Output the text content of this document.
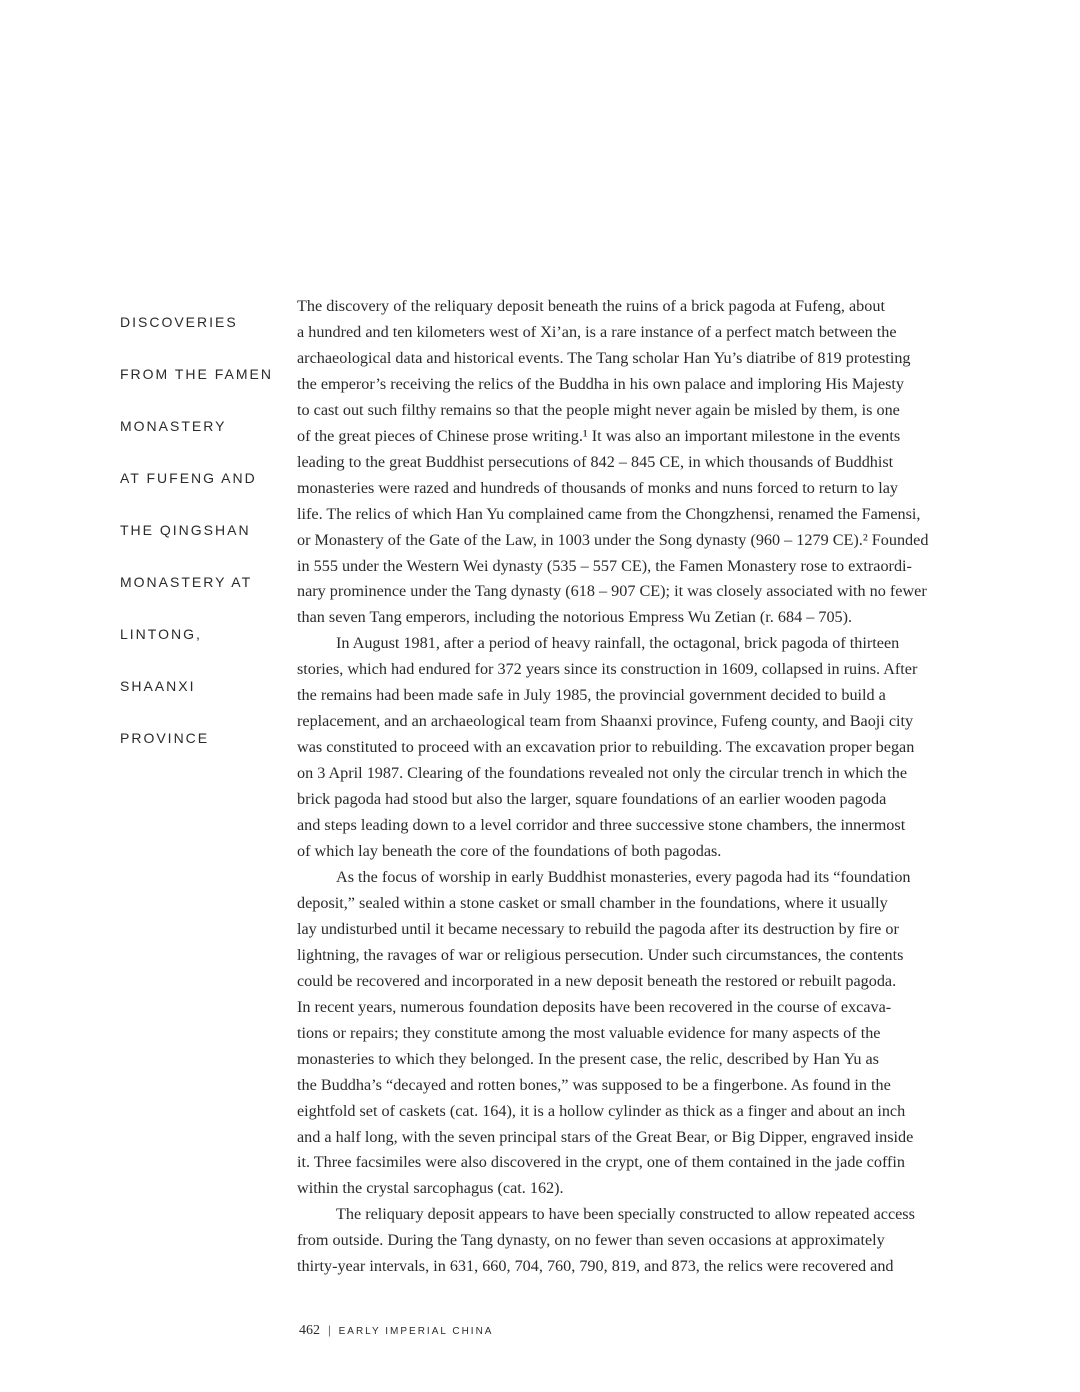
DISCOVERIES
FROM THE FAMEN
MONASTERY
AT FUFENG AND
THE QINGSHAN
MONASTERY AT
LINTONG,
SHAANXI
PROVINCE
The discovery of the reliquary deposit beneath the ruins of a brick pagoda at Fufeng, about
a hundred and ten kilometers west of Xi’an, is a rare instance of a perfect match between the
archaeological data and historical events. The Tang scholar Han Yu’s diatribe of 819 protesting
the emperor’s receiving the relics of the Buddha in his own palace and imploring His Majesty
to cast out such filthy remains so that the people might never again be misled by them, is one
of the great pieces of Chinese prose writing.¹ It was also an important milestone in the events
leading to the great Buddhist persecutions of 842 – 845 CE, in which thousands of Buddhist
monasteries were razed and hundreds of thousands of monks and nuns forced to return to lay
life. The relics of which Han Yu complained came from the Chongzhensi, renamed the Famensi,
or Monastery of the Gate of the Law, in 1003 under the Song dynasty (960 – 1279 CE).² Founded
in 555 under the Western Wei dynasty (535 – 557 CE), the Famen Monastery rose to extraordi-
nary prominence under the Tang dynasty (618 – 907 CE); it was closely associated with no fewer
than seven Tang emperors, including the notorious Empress Wu Zetian (r. 684 – 705).
In August 1981, after a period of heavy rainfall, the octagonal, brick pagoda of thirteen
stories, which had endured for 372 years since its construction in 1609, collapsed in ruins. After
the remains had been made safe in July 1985, the provincial government decided to build a
replacement, and an archaeological team from Shaanxi province, Fufeng county, and Baoji city
was constituted to proceed with an excavation prior to rebuilding. The excavation proper began
on 3 April 1987. Clearing of the foundations revealed not only the circular trench in which the
brick pagoda had stood but also the larger, square foundations of an earlier wooden pagoda
and steps leading down to a level corridor and three successive stone chambers, the innermost
of which lay beneath the core of the foundations of both pagodas.
As the focus of worship in early Buddhist monasteries, every pagoda had its “foundation
deposit,” sealed within a stone casket or small chamber in the foundations, where it usually
lay undisturbed until it became necessary to rebuild the pagoda after its destruction by fire or
lightning, the ravages of war or religious persecution. Under such circumstances, the contents
could be recovered and incorporated in a new deposit beneath the restored or rebuilt pagoda.
In recent years, numerous foundation deposits have been recovered in the course of excava-
tions or repairs; they constitute among the most valuable evidence for many aspects of the
monasteries to which they belonged. In the present case, the relic, described by Han Yu as
the Buddha’s “decayed and rotten bones,” was supposed to be a fingerbone. As found in the
eightfold set of caskets (cat. 164), it is a hollow cylinder as thick as a finger and about an inch
and a half long, with the seven principal stars of the Great Bear, or Big Dipper, engraved inside
it. Three facsimiles were also discovered in the crypt, one of them contained in the jade coffin
within the crystal sarcophagus (cat. 162).
The reliquary deposit appears to have been specially constructed to allow repeated access
from outside. During the Tang dynasty, on no fewer than seven occasions at approximately
thirty-year intervals, in 631, 660, 704, 760, 790, 819, and 873, the relics were recovered and
462 | EARLY IMPERIAL CHINA
